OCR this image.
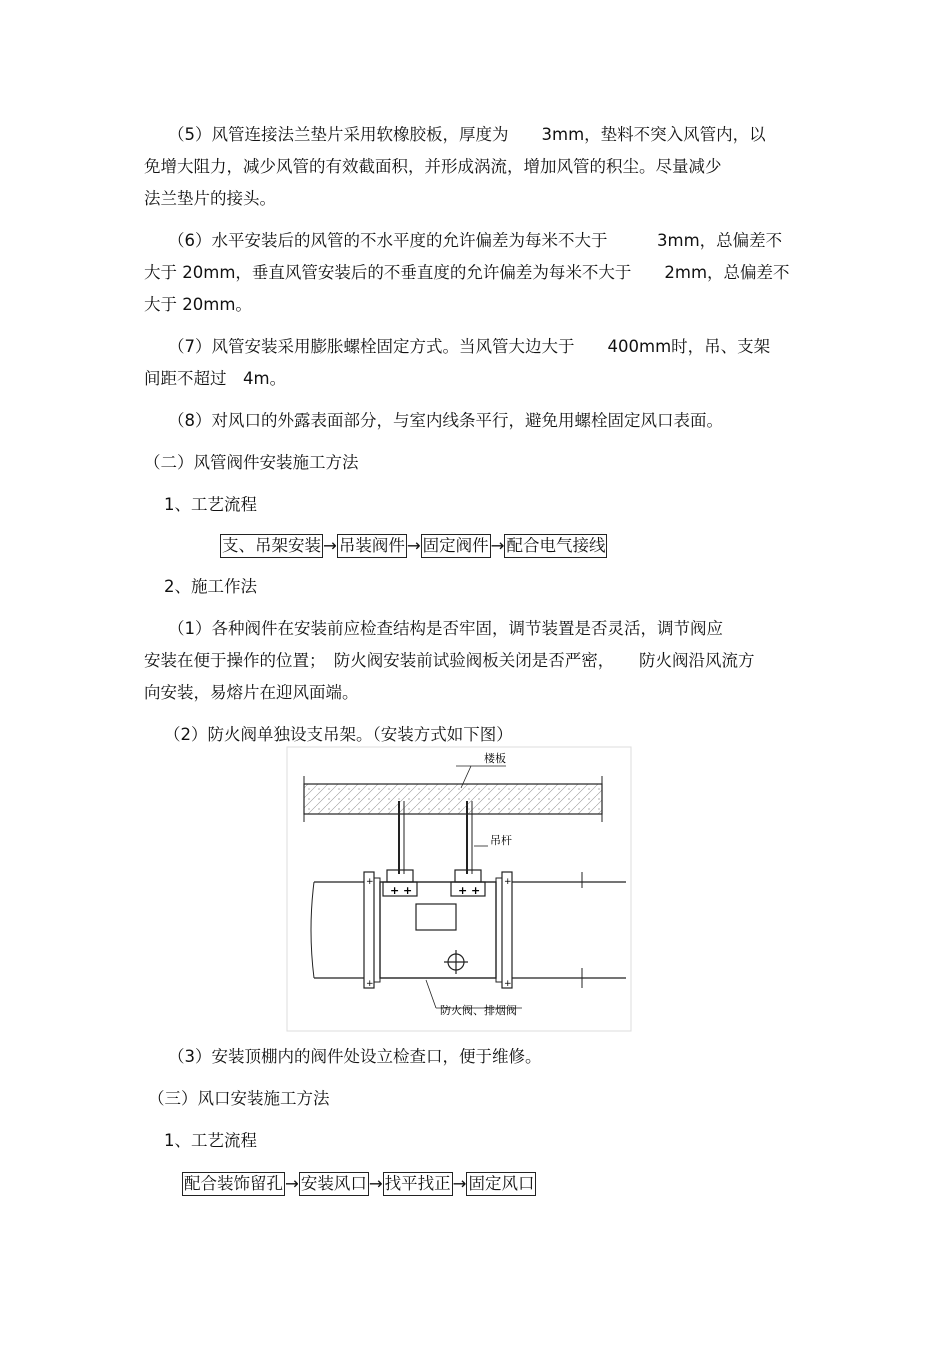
（5）风管连接法兰垫片采用软橡胶板，厚度为　　3mm，垫料不突入风管内，以
免增大阻力，减少风管的有效截面积，并形成涡流，增加风管的积尘。尽量减少
法兰垫片的接头。
（6）水平安装后的风管的不水平度的允许偏差为每米不大于　　　3mm，总偏差不
大于 20mm，垂直风管安装后的不垂直度的允许偏差为每米不大于　　2mm，总偏差不
大于 20mm。
（7）风管安装采用膨胀螺栓固定方式。当风管大边大于　　400mm时，吊、支架
间距不超过　4m。
（8）对风口的外露表面部分，与室内线条平行，避免用螺栓固定风口表面。
（二）风管阀件安装施工方法
1、工艺流程
支、吊架安装 → 吊装阀件 → 固定阀件 → 配合电气接线
2、施工作法
（1）各种阀件在安装前应检查结构是否牢固，调节装置是否灵活，调节阀应
安装在便于操作的位置；　防火阀安装前试验阀板关闭是否严密，　　防火阀沿风流方
向安装，易熔片在迎风面端。
（2）防火阀单独设支吊架。（安装方式如下图）
楼板
吊杆
+ +	+ +
+
+
+
+
防火阀、排烟阀
（3）安装顶棚内的阀件处设立检查口，便于维修。
（三）风口安装施工方法
1、工艺流程
配合装饰留孔 → 安装风口 → 找平找正 → 固定风口
